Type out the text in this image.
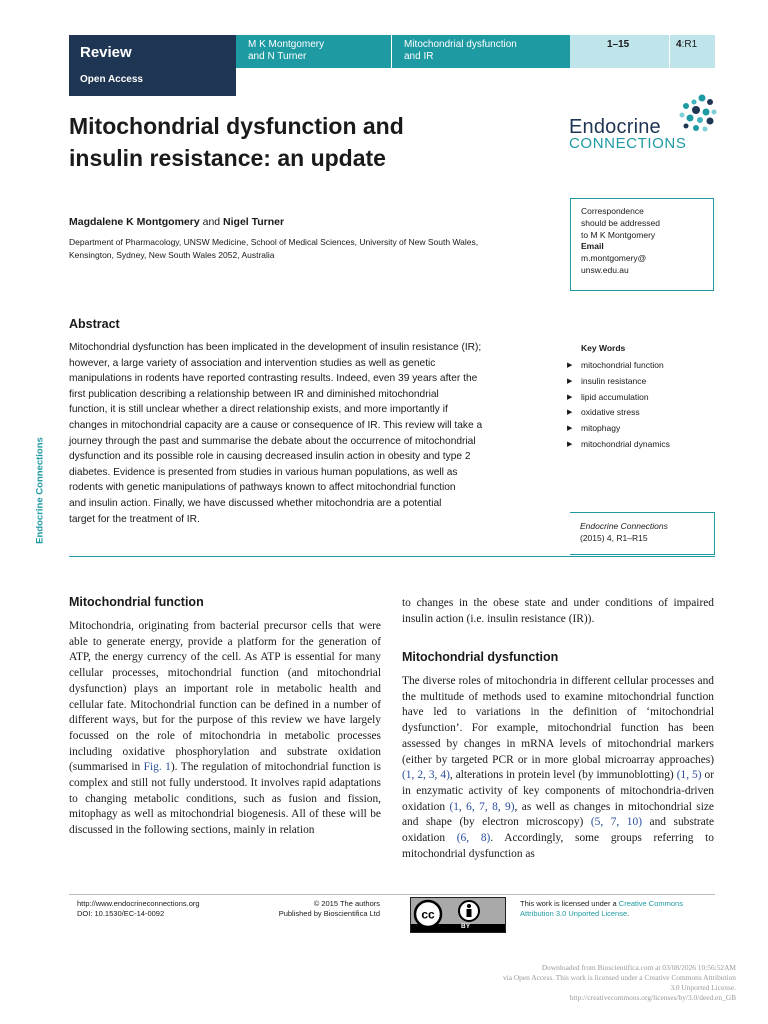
Review
Open Access
M K Montgomery
and N Turner
Mitochondrial dysfunction
and IR
1–15	4:R1
Mitochondrial dysfunction and
insulin resistance: an update
Endocrine
CONNECTIONS
Magdalene K Montgomery and Nigel Turner
Department of Pharmacology, UNSW Medicine, School of Medical Sciences, University of New South Wales,
Kensington, Sydney, New South Wales 2052, Australia
Correspondence
should be addressed
to M K Montgomery
Email
m.montgomery@
unsw.edu.au
Abstract
Mitochondrial dysfunction has been implicated in the development of insulin resistance (IR);
however, a large variety of association and intervention studies as well as genetic
manipulations in rodents have reported contrasting results. Indeed, even 39 years after the
first publication describing a relationship between IR and diminished mitochondrial
function, it is still unclear whether a direct relationship exists, and more importantly if
changes in mitochondrial capacity are a cause or consequence of IR. This review will take a
journey through the past and summarise the debate about the occurrence of mitochondrial
dysfunction and its possible role in causing decreased insulin action in obesity and type 2
diabetes. Evidence is presented from studies in various human populations, as well as
rodents with genetic manipulations of pathways known to affect mitochondrial function
and insulin action. Finally, we have discussed whether mitochondria are a potential
target for the treatment of IR.
Key Words
▶ mitochondrial function
▶ insulin resistance
▶ lipid accumulation
▶ oxidative stress
▶ mitophagy
▶ mitochondrial dynamics
Endocrine Connections
(2015) 4, R1–R15
Endocrine Connections
Mitochondrial function
Mitochondria, originating from bacterial precursor cells that were able to generate energy, provide a platform for the generation of ATP, the energy currency of the cell. As ATP is essential for many cellular processes, mitochondrial function (and mitochondrial dysfunction) plays an important role in metabolic health and cellular fate. Mitochondrial function can be defined in a number of different ways, but for the purpose of this review we have largely focussed on the role of mitochondria in metabolic processes including oxidative phosphorylation and substrate oxidation (summarised in Fig. 1). The regulation of mitochondrial function is complex and still not fully understood. It involves rapid adaptations to changing metabolic conditions, such as fusion and fission, mitophagy as well as mitochondrial biogenesis. All of these will be discussed in the following sections, mainly in relation
to changes in the obese state and under conditions of impaired insulin action (i.e. insulin resistance (IR)).
Mitochondrial dysfunction
The diverse roles of mitochondria in different cellular processes and the multitude of methods used to examine mitochondrial function have led to variations in the definition of ‘mitochondrial dysfunction’. For example, mitochondrial function has been assessed by changes in mRNA levels of mitochondrial markers (either by targeted PCR or in more global microarray approaches) (1, 2, 3, 4), alterations in protein level (by immunoblotting) (1, 5) or in enzymatic activity of key components of mitochondria-driven oxidation (1, 6, 7, 8, 9), as well as changes in mitochondrial size and shape (by electron microscopy) (5, 7, 10) and substrate oxidation (6, 8). Accordingly, some groups referring to mitochondrial dysfunction as
http://www.endocrineconnections.org
DOI: 10.1530/EC-14-0092
© 2015 The authors
Published by Bioscientifica Ltd	cc
BY
This work is licensed under a Creative Commons
Attribution 3.0 Unported License.
Downloaded from Bioscientifica.com at 03/08/2026 10:56:52AM
via Open Access. This work is licensed under a Creative Commons Attribution
3.0 Unported License.
http://creativecommons.org/licenses/by/3.0/deed.en_GB
